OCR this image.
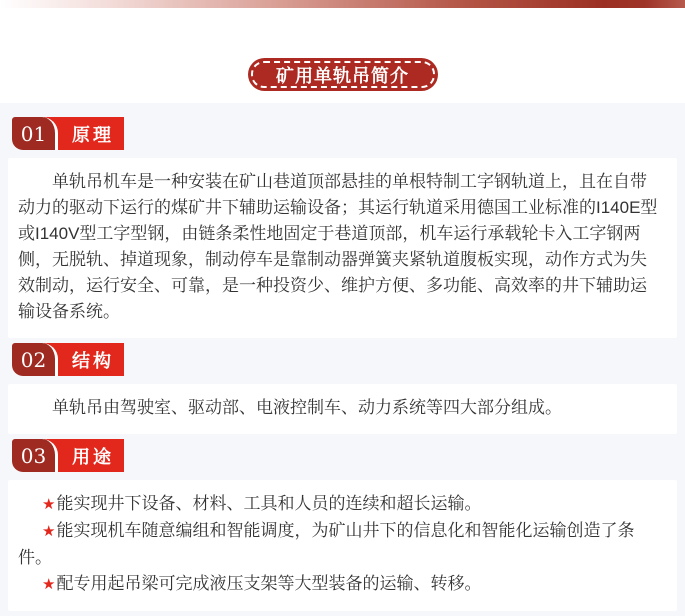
矿用单轨吊简介
01	原理

单轨吊机车是一种安装在矿山巷道顶部悬挂的单根特制工字钢轨道上，且在自带动力的驱动下运行的煤矿井下辅助运输设备；其运行轨道采用德国工业标准的I140E型或I140V型工字型钢，由链条柔性地固定于巷道顶部，机车运行承载轮卡入工字钢两侧，无脱轨、掉道现象，制动停车是靠制动器弹簧夹紧轨道腹板实现，动作方式为失效制动，运行安全、可靠，是一种投资少、维护方便、多功能、高效率的井下辅助运输设备系统。

02	结构

单轨吊由驾驶室、驱动部、电液控制车、动力系统等四大部分组成。

03	用途

★能实现井下设备、材料、工具和人员的连续和超长运输。

★能实现机车随意编组和智能调度，为矿山井下的信息化和智能化运输创造了条件。

★配专用起吊梁可完成液压支架等大型装备的运输、转移。
